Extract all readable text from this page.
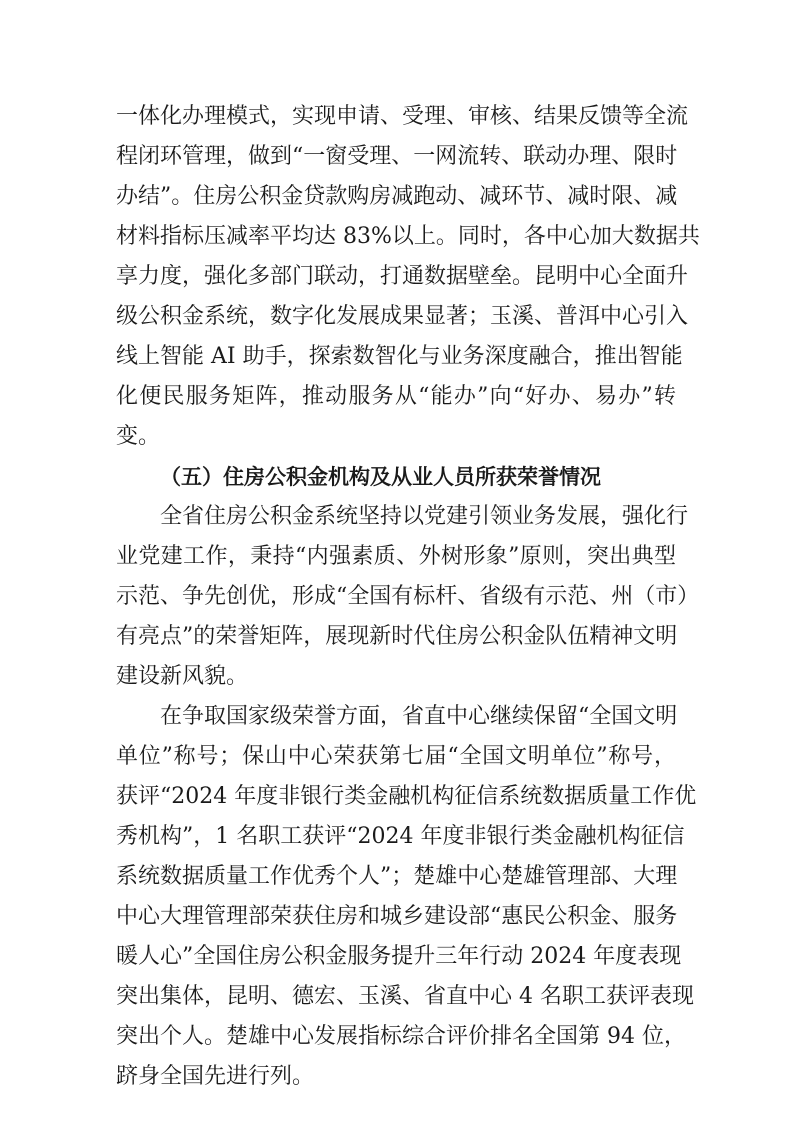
一体化办理模式，实现申请、受理、审核、结果反馈等全流
程闭环管理，做到“一窗受理、一网流转、联动办理、限时
办结”。住房公积金贷款购房减跑动、减环节、减时限、减
材料指标压减率平均达 83%以上。同时，各中心加大数据共
享力度，强化多部门联动，打通数据壁垒。昆明中心全面升
级公积金系统，数字化发展成果显著；玉溪、普洱中心引入
线上智能 AI 助手，探索数智化与业务深度融合，推出智能
化便民服务矩阵，推动服务从“能办”向“好办、易办”转
变。
（五）住房公积金机构及从业人员所获荣誉情况
全省住房公积金系统坚持以党建引领业务发展，强化行
业党建工作，秉持“内强素质、外树形象”原则，突出典型
示范、争先创优，形成“全国有标杆、省级有示范、州（市）
有亮点”的荣誉矩阵，展现新时代住房公积金队伍精神文明
建设新风貌。
在争取国家级荣誉方面，省直中心继续保留“全国文明
单位”称号；保山中心荣获第七届“全国文明单位”称号，
获评“2024 年度非银行类金融机构征信系统数据质量工作优
秀机构”，1 名职工获评“2024 年度非银行类金融机构征信
系统数据质量工作优秀个人”；楚雄中心楚雄管理部、大理
中心大理管理部荣获住房和城乡建设部“惠民公积金、服务
暖人心”全国住房公积金服务提升三年行动 2024 年度表现
突出集体，昆明、德宏、玉溪、省直中心 4 名职工获评表现
突出个人。楚雄中心发展指标综合评价排名全国第 94 位，
跻身全国先进行列。
